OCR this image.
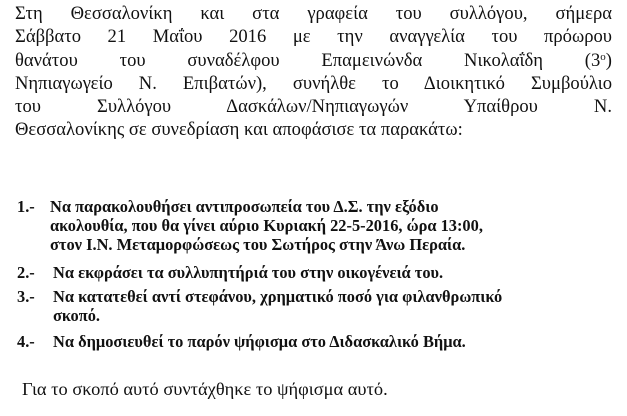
Στη Θεσσαλονίκη και στα γραφεία του συλλόγου, σήμερα
Σάββατο 21 Μαΐου 2016 με την αναγγελία του πρόωρου
θανάτου του συναδέλφου Επαμεινώνδα Νικολαΐδη $(3^o)$
Νηπιαγωγείο Ν. Επιβατών), συνήλθε το Διοικητικό Συμβούλιο
του Συλλόγου Δασκάλων/Νηπιαγωγών Υπαίθρου Ν.
Θεσσαλονίκης σε συνεδρίαση και αποφάσισε τα παρακάτω:
1.- Να παρακολουθήσει αντιπροσωπεία του Δ.Σ. την εξόδιο
ακολουθία, που θα γίνει αύριο Κυριακή 22-5-2016, ώρα 13:00,
στον Ι.Ν. Μεταμορφώσεως του Σωτήρος στην Άνω Περαία.
2.- Να εκφράσει τα συλλυπητήριά του στην οικογένειά του.
3.- Να κατατεθεί αντί στεφάνου, χρηματικό ποσό για φιλανθρωπικό
σκοπό.
4.- Να δημοσιευθεί το παρόν ψήφισμα στο Διδασκαλικό Βήμα.
Για το σκοπό αυτό συντάχθηκε το ψήφισμα αυτό.
